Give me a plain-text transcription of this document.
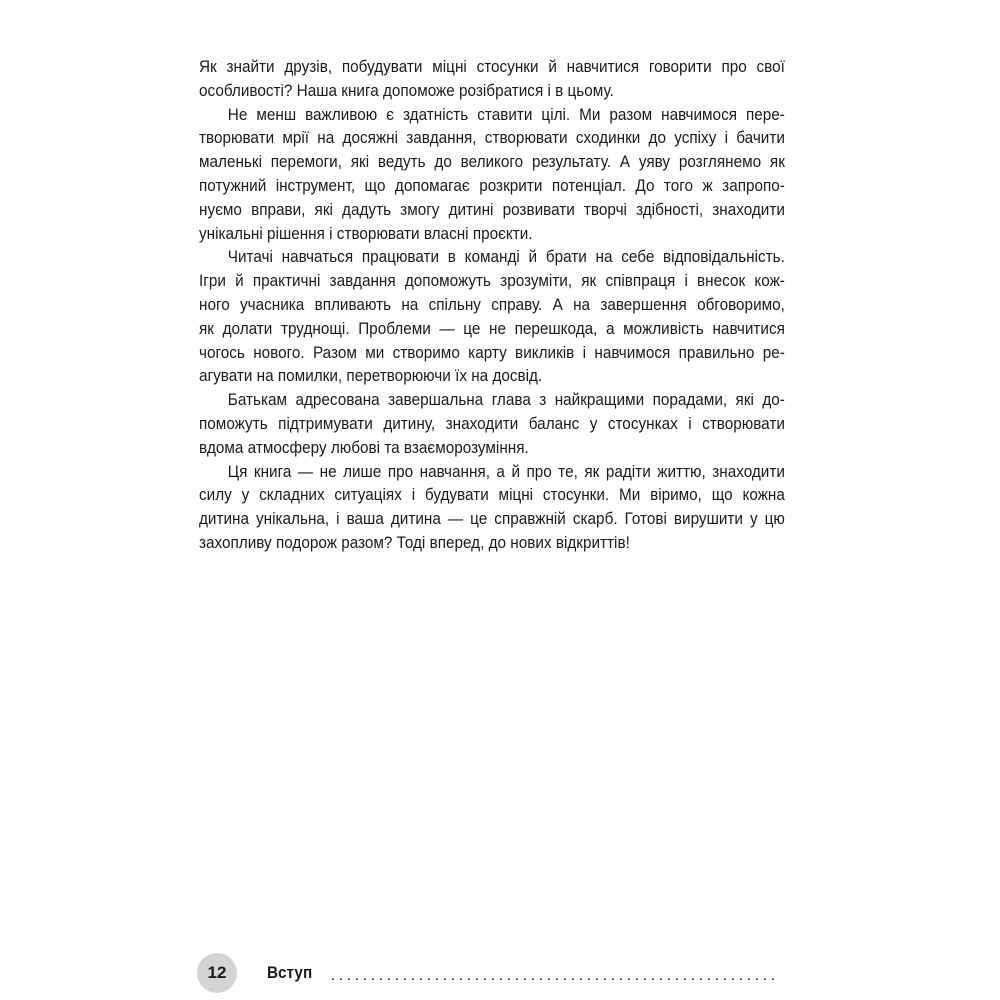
Як знайти друзів, побудувати міцні стосунки й навчитися говорити про свої
особливості? Наша книга допоможе розібратися і в цьому.
Не менш важливою є здатність ставити цілі. Ми разом навчимося пере-
творювати мрії на досяжні завдання, створювати сходинки до успіху і бачити
маленькі перемоги, які ведуть до великого результату. А уяву розглянемо як
потужний інструмент, що допомагає розкрити потенціал. До того ж запропо-
нуємо вправи, які дадуть змогу дитині розвивати творчі здібності, знаходити
унікальні рішення і створювати власні проєкти.
Читачі навчаться працювати в команді й брати на себе відповідальність.
Ігри й практичні завдання допоможуть зрозуміти, як співпраця і внесок кож-
ного учасника впливають на спільну справу. А на завершення обговоримо,
як долати труднощі. Проблеми — це не перешкода, а можливість навчитися
чогось нового. Разом ми створимо карту викликів і навчимося правильно ре-
агувати на помилки, перетворюючи їх на досвід.
Батькам адресована завершальна глава з найкращими порадами, які до-
поможуть підтримувати дитину, знаходити баланс у стосунках і створювати
вдома атмосферу любові та взаєморозуміння.
Ця книга — не лише про навчання, а й про те, як радіти життю, знаходити
силу у складних ситуаціях і будувати міцні стосунки. Ми віримо, що кожна
дитина унікальна, і ваша дитина — це справжній скарб. Готові вирушити у цю
захопливу подорож разом? Тоді вперед, до нових відкриттів!
12 Вступ
